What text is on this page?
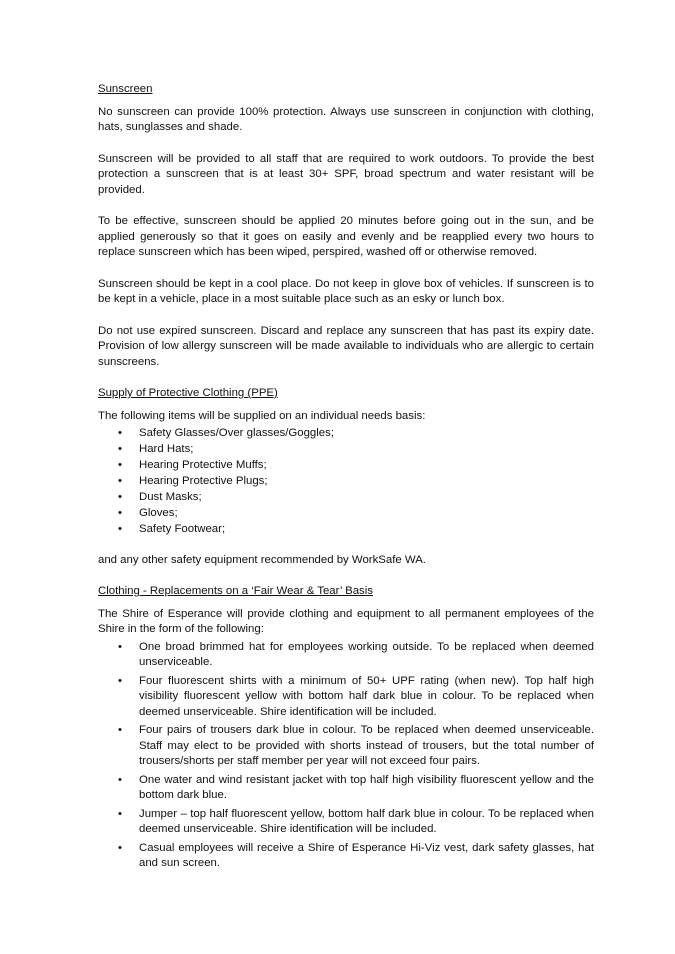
Sunscreen

No sunscreen can provide 100% protection. Always use sunscreen in conjunction with clothing, hats, sunglasses and shade.

Sunscreen will be provided to all staff that are required to work outdoors. To provide the best protection a sunscreen that is at least 30+ SPF, broad spectrum and water resistant will be provided.

To be effective, sunscreen should be applied 20 minutes before going out in the sun, and be applied generously so that it goes on easily and evenly and be reapplied every two hours to replace sunscreen which has been wiped, perspired, washed off or otherwise removed.

Sunscreen should be kept in a cool place. Do not keep in glove box of vehicles. If sunscreen is to be kept in a vehicle, place in a most suitable place such as an esky or lunch box.

Do not use expired sunscreen. Discard and replace any sunscreen that has past its expiry date. Provision of low allergy sunscreen will be made available to individuals who are allergic to certain sunscreens.

Supply of Protective Clothing (PPE)

The following items will be supplied on an individual needs basis:

• Safety Glasses/Over glasses/Goggles;
• Hard Hats;
• Hearing Protective Muffs;
• Hearing Protective Plugs;
• Dust Masks;
• Gloves;
• Safety Footwear;

and any other safety equipment recommended by WorkSafe WA.

Clothing - Replacements on a ‘Fair Wear & Tear’ Basis

The Shire of Esperance will provide clothing and equipment to all permanent employees of the Shire in the form of the following:

• One broad brimmed hat for employees working outside. To be replaced when deemed unserviceable.
• Four fluorescent shirts with a minimum of 50+ UPF rating (when new). Top half high visibility fluorescent yellow with bottom half dark blue in colour. To be replaced when deemed unserviceable. Shire identification will be included.
• Four pairs of trousers dark blue in colour. To be replaced when deemed unserviceable. Staff may elect to be provided with shorts instead of trousers, but the total number of trousers/shorts per staff member per year will not exceed four pairs.
• One water and wind resistant jacket with top half high visibility fluorescent yellow and the bottom dark blue.
• Jumper – top half fluorescent yellow, bottom half dark blue in colour. To be replaced when deemed unserviceable. Shire identification will be included.
• Casual employees will receive a Shire of Esperance Hi-Viz vest, dark safety glasses, hat and sun screen.
